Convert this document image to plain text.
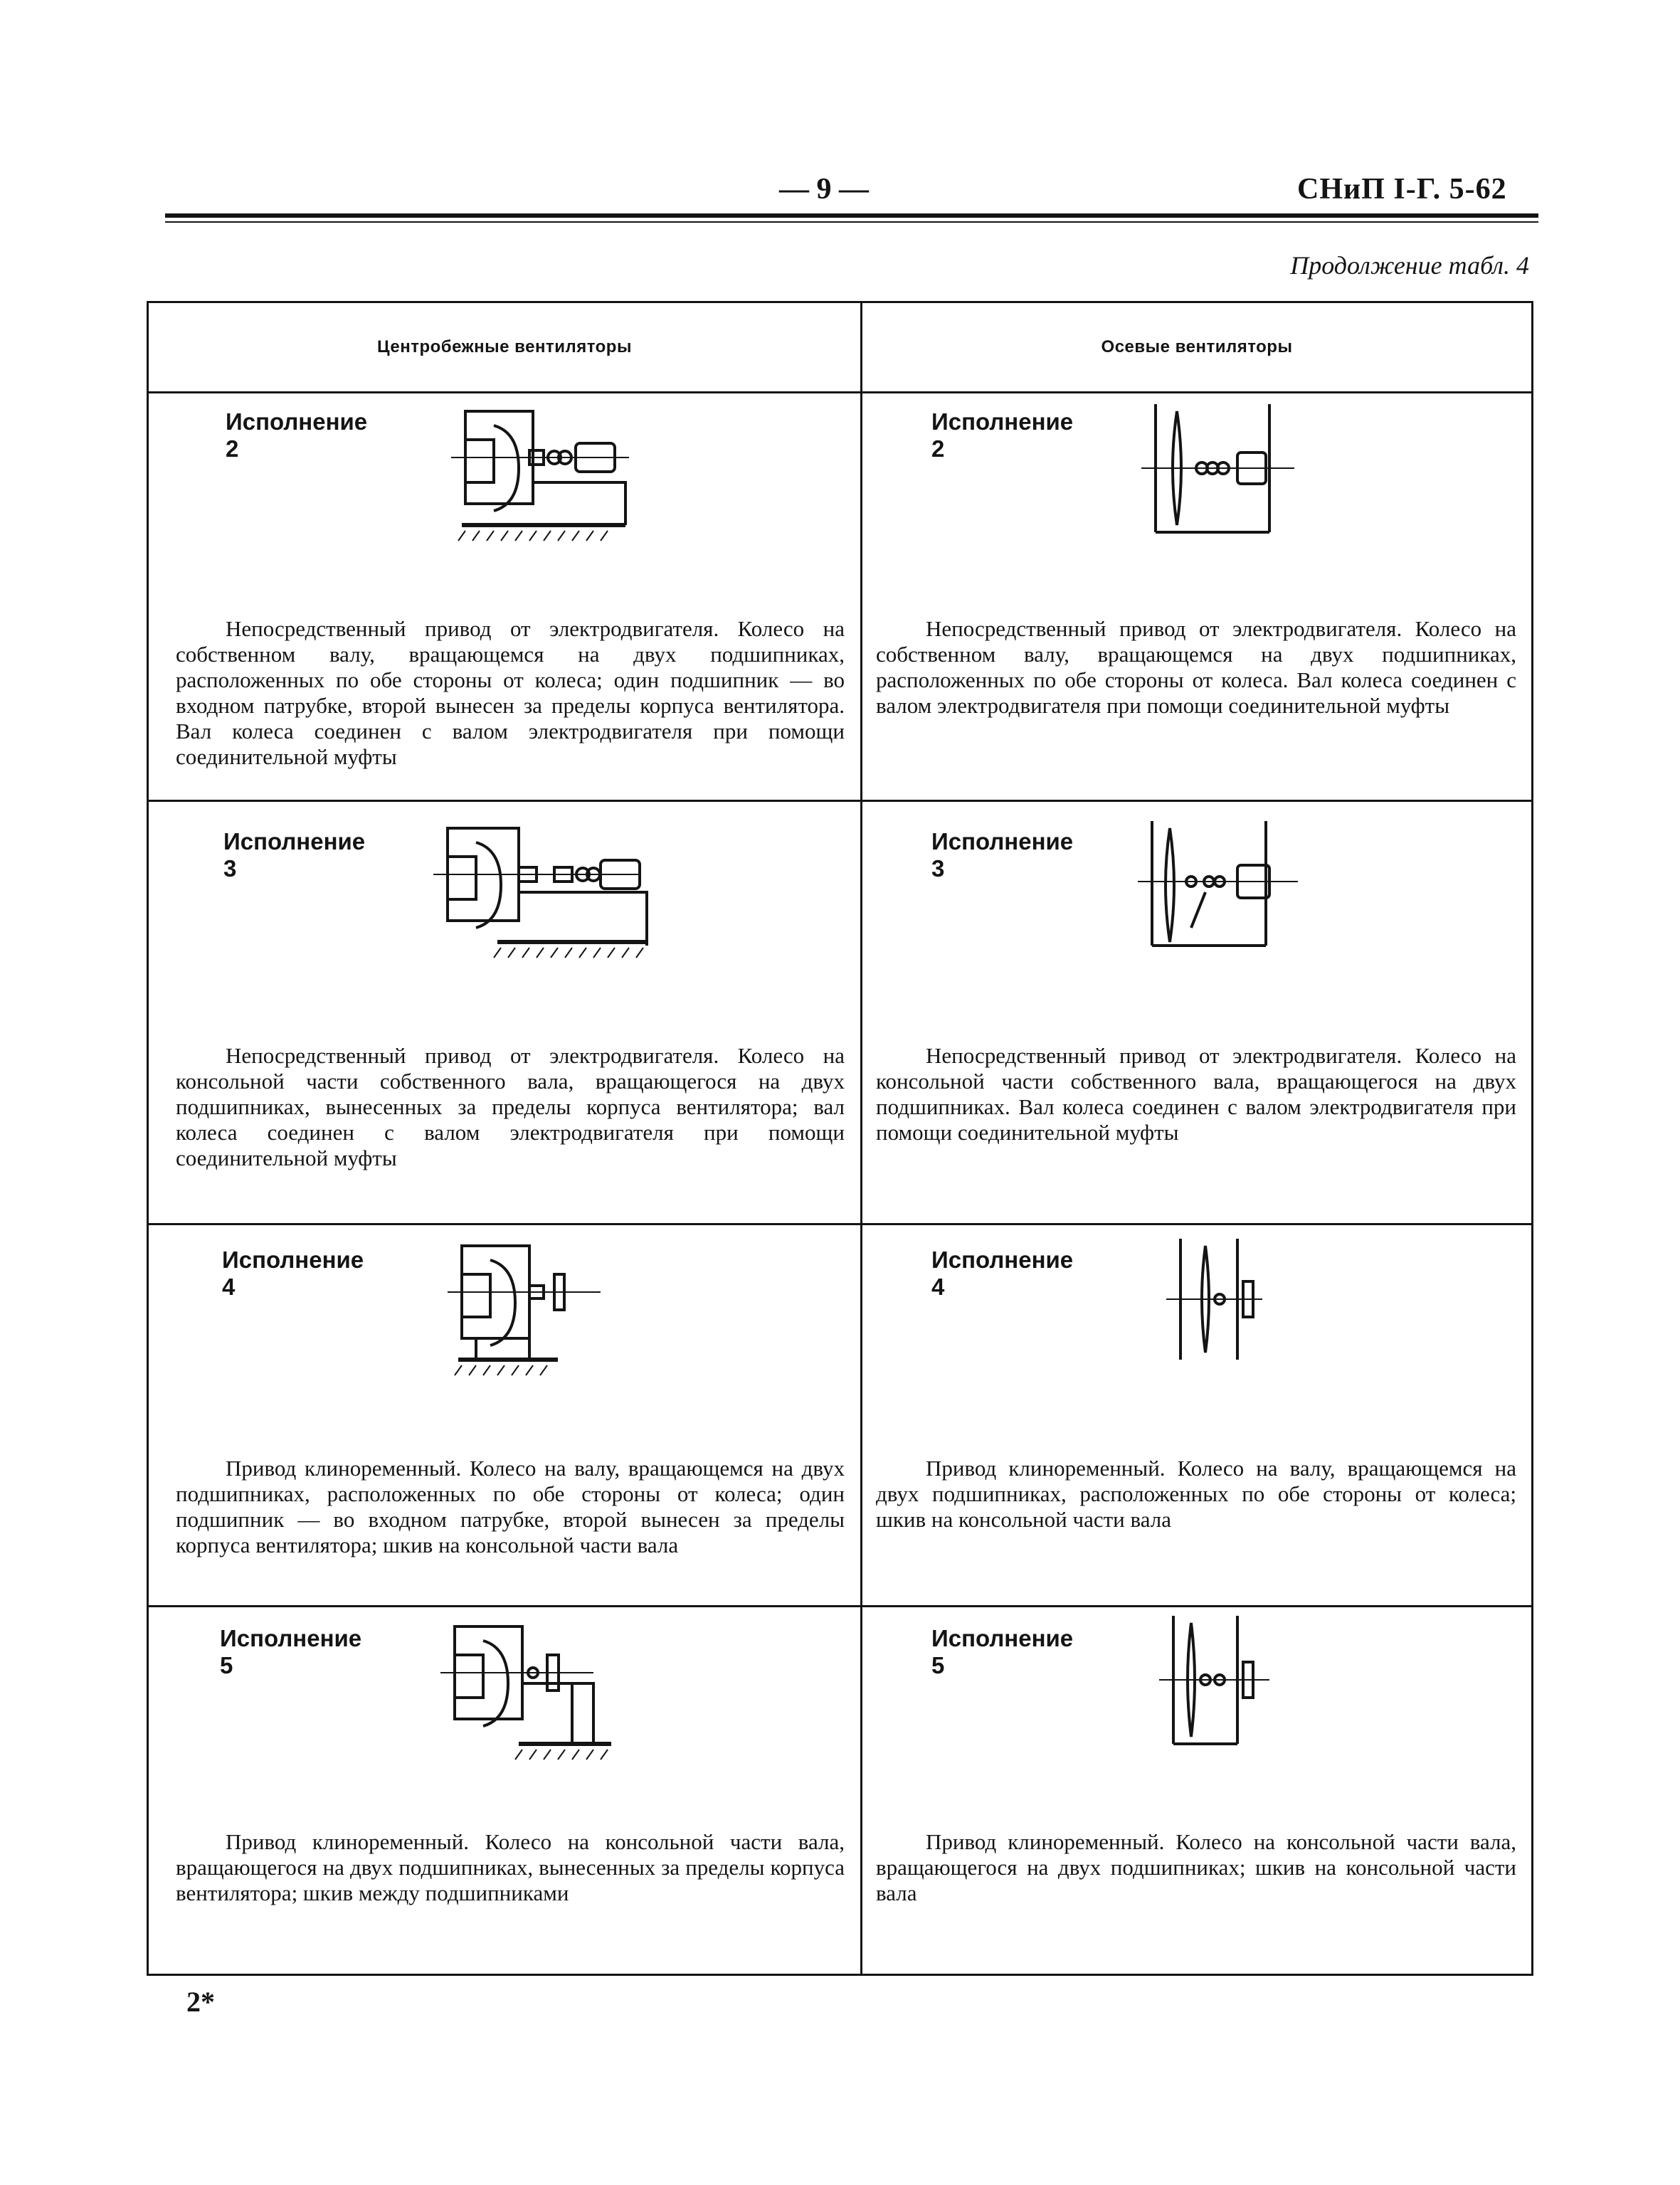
— 9 —	СНиП I-Г. 5-62
Продолжение табл. 4
Центробежные вентиляторы	Осевые вентиляторы
Исполнение 2

Непосредственный привод от электродвигателя. Колесо на собственном валу, вращающемся на двух подшипниках, расположенных по обе стороны от колеса; один подшипник — во входном патрубке, второй вынесен за пределы корпуса вентилятора. Вал колеса соединен с валом электродвигателя при помощи соединительной муфты

Исполнение 2

Непосредственный привод от электродвигателя. Колесо на собственном валу, вращающемся на двух подшипниках, расположенных по обе стороны от колеса. Вал колеса соединен с валом электродвигателя при помощи соединительной муфты

Исполнение 3

Непосредственный привод от электродвигателя. Колесо на консольной части собственного вала, вращающегося на двух подшипниках, вынесенных за пределы корпуса вентилятора; вал колеса соединен с валом электродвигателя при помощи соединительной муфты

Исполнение 3

Непосредственный привод от электродвигателя. Колесо на консольной части собственного вала, вращающегося на двух подшипниках. Вал колеса соединен с валом электродвигателя при помощи соединительной муфты

Исполнение 4

Привод клиноременный. Колесо на валу, вращающемся на двух подшипниках, расположенных по обе стороны от колеса; один подшипник — во входном патрубке, второй вынесен за пределы корпуса вентилятора; шкив на консольной части вала

Исполнение 4

Привод клиноременный. Колесо на валу, вращающемся на двух подшипниках, расположенных по обе стороны от колеса; шкив на консольной части вала

Исполнение 5

Привод клиноременный. Колесо на консольной части вала, вращающегося на двух подшипниках, вынесенных за пределы корпуса вентилятора; шкив между подшипниками

Исполнение 5

Привод клиноременный. Колесо на консольной части вала, вращающегося на двух подшипниках; шкив на консольной части вала

2*
